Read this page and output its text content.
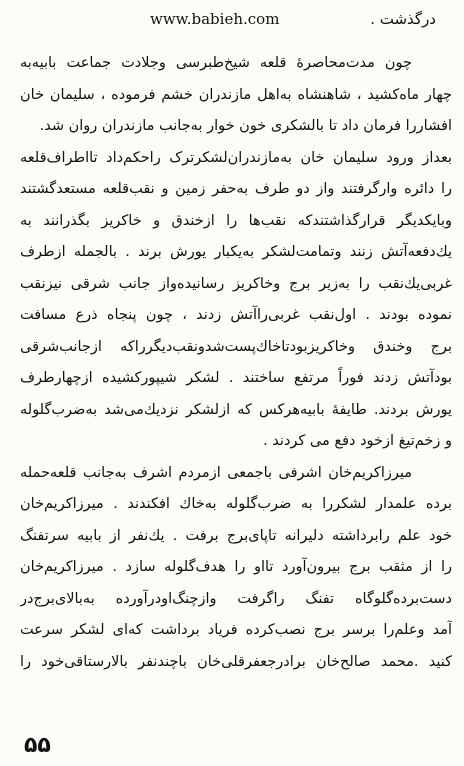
www.babieh.com	درگذشت .
چون مدت‌محاصرهٔ قلعه شیخ‌طبرسی وجلادت جماعت بابیه‌به‌
چهار ماه‌کشید ، شاهنشاه به‌اهل مازندران خشم فرموده ، سلیمان خان
افشاررا فرمان داد تا بالشکری خون خوار به‌جانب مازندران روان شد.
بعداز ورود سلیمان خان به‌مازندران‌لشکرترک راحکم‌داد تااطراف‌قلعه‌
را دائره وارگرفتند واز دو طرف به‌حفر زمین و نقب‌قلعه مستعدگشتند
وبایکدیگر قرارگذاشتندکه نقب‌ها را ازخندق و خاکریز بگذرانند به‌
یك‌دفعه‌آتش زنند وتمامت‌لشکر به‌یکبار یورش برند . بالجمله ازطرف
غربی‌یك‌نقب را به‌زیر برج وخاکریز رسانیده‌واز جانب شرقی نیزنقب
نموده بودند . اول‌نقب غربی‌راآتش زدند ، چون پنجاه ذرع مسافت
برج وخندق وخاکریزبودتاخاك‌پست‌شدو‌نقب‌دیگرراکه ازجانب‌شرقی
بودآتش زدند فوراً مرتفع ساختند . لشکر شیپورکشیده ازچهارطرف
یورش بردند. طایفهٔ بابیه‌هرکس که ازلشکر نزدیك‌می‌شد به‌ضرب‌گلوله
و زخم‌تیغ ازخود دفع می کردند .
میرزاکریم‌خان اشرفی باجمعی ازمردم اشرف به‌جانب قلعه‌حمله
برده علمدار لشکررا به ضرب‌گلوله به‌خاك افکندند . میرزاکریم‌خان
خود علم رابرداشته دلیرانه تاپای‌برج برفت . یك‌نفر از بابیه سرتفنگ
را از مثقب برج بیرون‌آورد تااو را هدف‌گلوله سازد . میرزاکریم‌خان
دست‌برده‌گلوگاه تفنگ راگرفت وازچنگ‌اودرآورده به‌بالای‌برج‌در‌
آمد وعلم‌را برسر برج نصب‌کرده فریاد برداشت که‌ای لشکر سرعت
کنید .محمد صالح‌خان برادرجعفرقلی‌خان باچندنفر بالارستاقی‌خود را
۵۵
